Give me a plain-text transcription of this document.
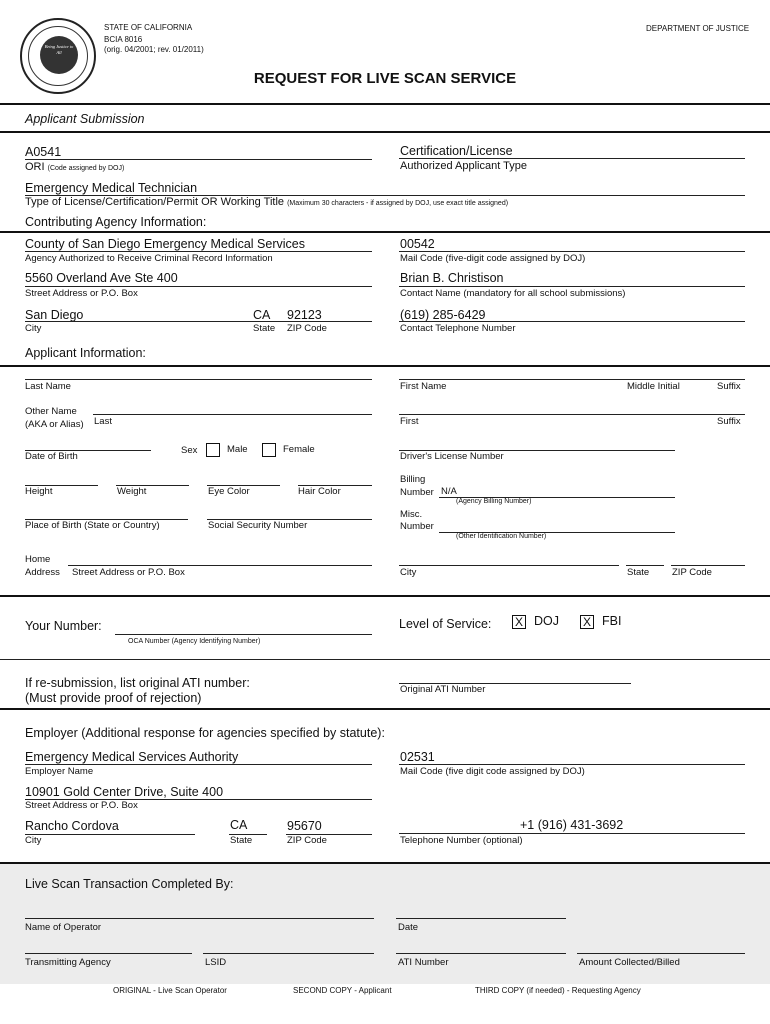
Bring Justice to All
STATE OF CALIFORNIA
BCIA 8016
(orig. 04/2001; rev. 01/2011)
DEPARTMENT OF JUSTICE
REQUEST FOR LIVE SCAN SERVICE
Applicant Submission
A0541
ORI (Code assigned by DOJ)
Certification/License
Authorized Applicant Type
Emergency Medical Technician
Type of License/Certification/Permit OR Working Title (Maximum 30 characters - if assigned by DOJ, use exact title assigned)
Contributing Agency Information:
County of San Diego Emergency Medical Services
Agency Authorized to Receive Criminal Record Information
00542
Mail Code (five-digit code assigned by DOJ)
5560 Overland Ave Ste 400
Street Address or P.O. Box
Brian B. Christison
Contact Name (mandatory for all school submissions)
San Diego	CA 92123
City	State ZIP Code
(619) 285-6429
Contact Telephone Number
Applicant Information:
Last Name	First Name	Middle Initial	Suffix
Other Name
(AKA or Alias) Last	First	Suffix
Date of Birth
Sex	Male	Female
Driver's License Number
Height	Weight	Eye Color	Hair Color
Billing
Number N/A
(Agency Billing Number)
Place of Birth (State or Country)	Social Security Number
Misc.
Number
(Other Identification Number)
Home
Address Street Address or P.O. Box	City	State ZIP Code
Your Number:
OCA Number (Agency Identifying Number)
Level of Service: X DOJ X FBI
If re-submission, list original ATI number:
(Must provide proof of rejection)
Original ATI Number
Employer (Additional response for agencies specified by statute):
Emergency Medical Services Authority
Employer Name
02531
Mail Code (five digit code assigned by DOJ)
10901 Gold Center Drive, Suite 400
Street Address or P.O. Box
Rancho Cordova	CA	95670
City	State	ZIP Code
+1 (916) 431-3692
Telephone Number (optional)
Live Scan Transaction Completed By:
Name of Operator	Date
Transmitting Agency	LSID	ATI Number	Amount Collected/Billed
ORIGINAL - Live Scan Operator	SECOND COPY - Applicant	THIRD COPY (if needed) - Requesting Agency
